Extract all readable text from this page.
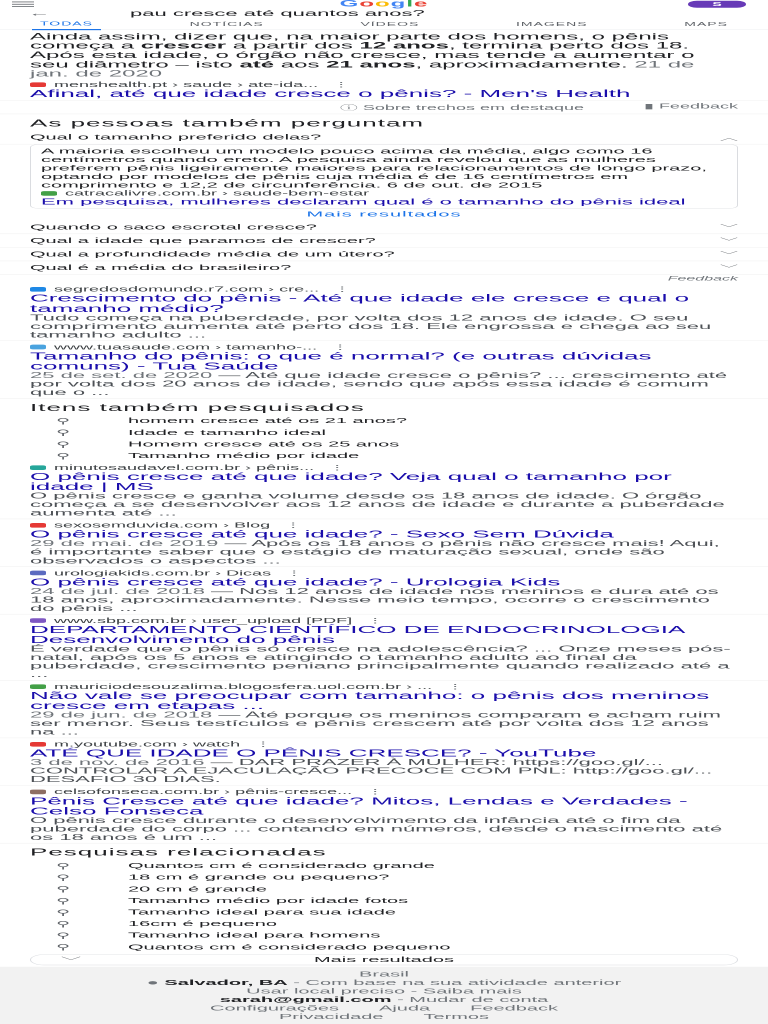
Google	S
←	pau cresce até quantos anos?
TODAS	NOTÍCIAS	VÍDEOS	IMAGENS	MAPS
Ainda assim, dizer que, na maior parte dos homens, o pênis começa a crescer a partir dos 12 anos, termina perto dos 18. Após esta idade, o órgão não cresce, mas tende a aumentar o seu diâmetro – isto até aos 21 anos, aproximadamente. 21 de jan. de 2020
menshealth.pt › saude › ate-ida... ⋮
Afinal, até que idade cresce o pênis? - Men's Health
ⓘ Sobre trechos em destaque	▮ Feedback
As pessoas também perguntam
Qual o tamanho preferido delas?	︿
A maioria escolheu um modelo pouco acima da média, algo como 16 centímetros quando ereto. A pesquisa ainda revelou que as mulheres preferem pênis ligeiramente maiores para relacionamentos de longo prazo, optando por modelos de pênis cuja média é de 16 centímetros em comprimento e 12,2 de circunferência. 6 de out. de 2015
catracalivre.com.br › saude-bem-estar
Em pesquisa, mulheres declaram qual é o tamanho do pênis ideal
Mais resultados
Quando o saco escrotal cresce?	﹀
Qual a idade que paramos de crescer?	﹀
Qual a profundidade média de um útero?	﹀
Qual é a média do brasileiro?	﹀
Feedback
segredosdomundo.r7.com › cre... ⋮
Crescimento do pênis - Até que idade ele cresce e qual o tamanho médio?
Tudo começa na puberdade, por volta dos 12 anos de idade. O seu comprimento aumenta até perto dos 18. Ele engrossa e chega ao seu tamanho adulto ...
www.tuasaude.com › tamanho-... ⋮
Tamanho do pênis: o que é normal? (e outras dúvidas comuns) - Tua Saúde
25 de set. de 2020 — Até que idade cresce o pênis? ... crescimento até por volta dos 20 anos de idade, sendo que após essa idade é comum que o ...
Itens também pesquisados
⚲	homem cresce até os 21 anos?
⚲	Idade e tamanho ideal
⚲	Homem cresce até os 25 anos
⚲	Tamanho médio por idade
minutosaudavel.com.br › pênis... ⋮
O pênis cresce até que idade? Veja qual o tamanho por idade | MS
O pênis cresce e ganha volume desde os 18 anos de idade. O órgão começa a se desenvolver aos 12 anos de idade e durante a puberdade aumenta até ...
sexosemduvida.com › Blog ⋮
O pênis cresce até que idade? - Sexo Sem Dúvida
29 de mai. de 2019 — Após os 18 anos o pênis não cresce mais! Aqui, é importante saber que o estágio de maturação sexual, onde são observados o aspectos ...
urologiakids.com.br › Dicas ⋮
O pênis cresce até que idade? - Urologia Kids
24 de jul. de 2018 — Nos 12 anos de idade nos meninos e dura até os 18 anos, aproximadamente. Nesse meio tempo, ocorre o crescimento do pênis ...
www.sbp.com.br › user_upload [PDF] ⋮
DEPARTAMENTO CIENTÍFICO DE ENDOCRINOLOGIA Desenvolvimento do pênis
É verdade que o pênis só cresce na adolescência? ... Onze meses pós-natal, após os 5 anos e atingindo o tamanho adulto ao final da puberdade, crescimento peniano principalmente quando realizado até a ...
mauriciodesouzalima.blogosfera.uol.com.br › ... ⋮
Não vale se preocupar com tamanho: o pênis dos meninos cresce em etapas ...
29 de jun. de 2018 — Até porque os meninos comparam e acham ruim ser menor. Seus testículos e pênis crescem até por volta dos 12 anos na ...
m.youtube.com › watch ⋮
ATÉ QUE IDADE O PÊNIS CRESCE? - YouTube
3 de nov. de 2016 — DAR PRAZER À MULHER: https://goo.gl/... CONTROLAR A EJACULAÇÃO PRECOCE COM PNL: http://goo.gl/... DESAFIO 30 DIAS.
celsofonseca.com.br › pênis-cresce... ⋮
Pênis Cresce até que idade? Mitos, Lendas e Verdades - Celso Fonseca
O pênis cresce durante o desenvolvimento da infância até o fim da puberdade do corpo ... contando em números, desde o nascimento até os 18 anos é um ...
Pesquisas relacionadas
⚲	Quantos cm é considerado grande
⚲	18 cm é grande ou pequeno?
⚲	20 cm é grande
⚲	Tamanho médio por idade fotos
⚲	Tamanho ideal para sua idade
⚲	16cm é pequeno
⚲	Tamanho ideal para homens
⚲	Quantos cm é considerado pequeno
﹀	Mais resultados
Brasil
● Salvador, BA - Com base na sua atividade anterior
Usar local preciso - Saiba mais
sarah@gmail.com - Mudar de conta
Configurações Ajuda Feedback
Privacidade Termos
